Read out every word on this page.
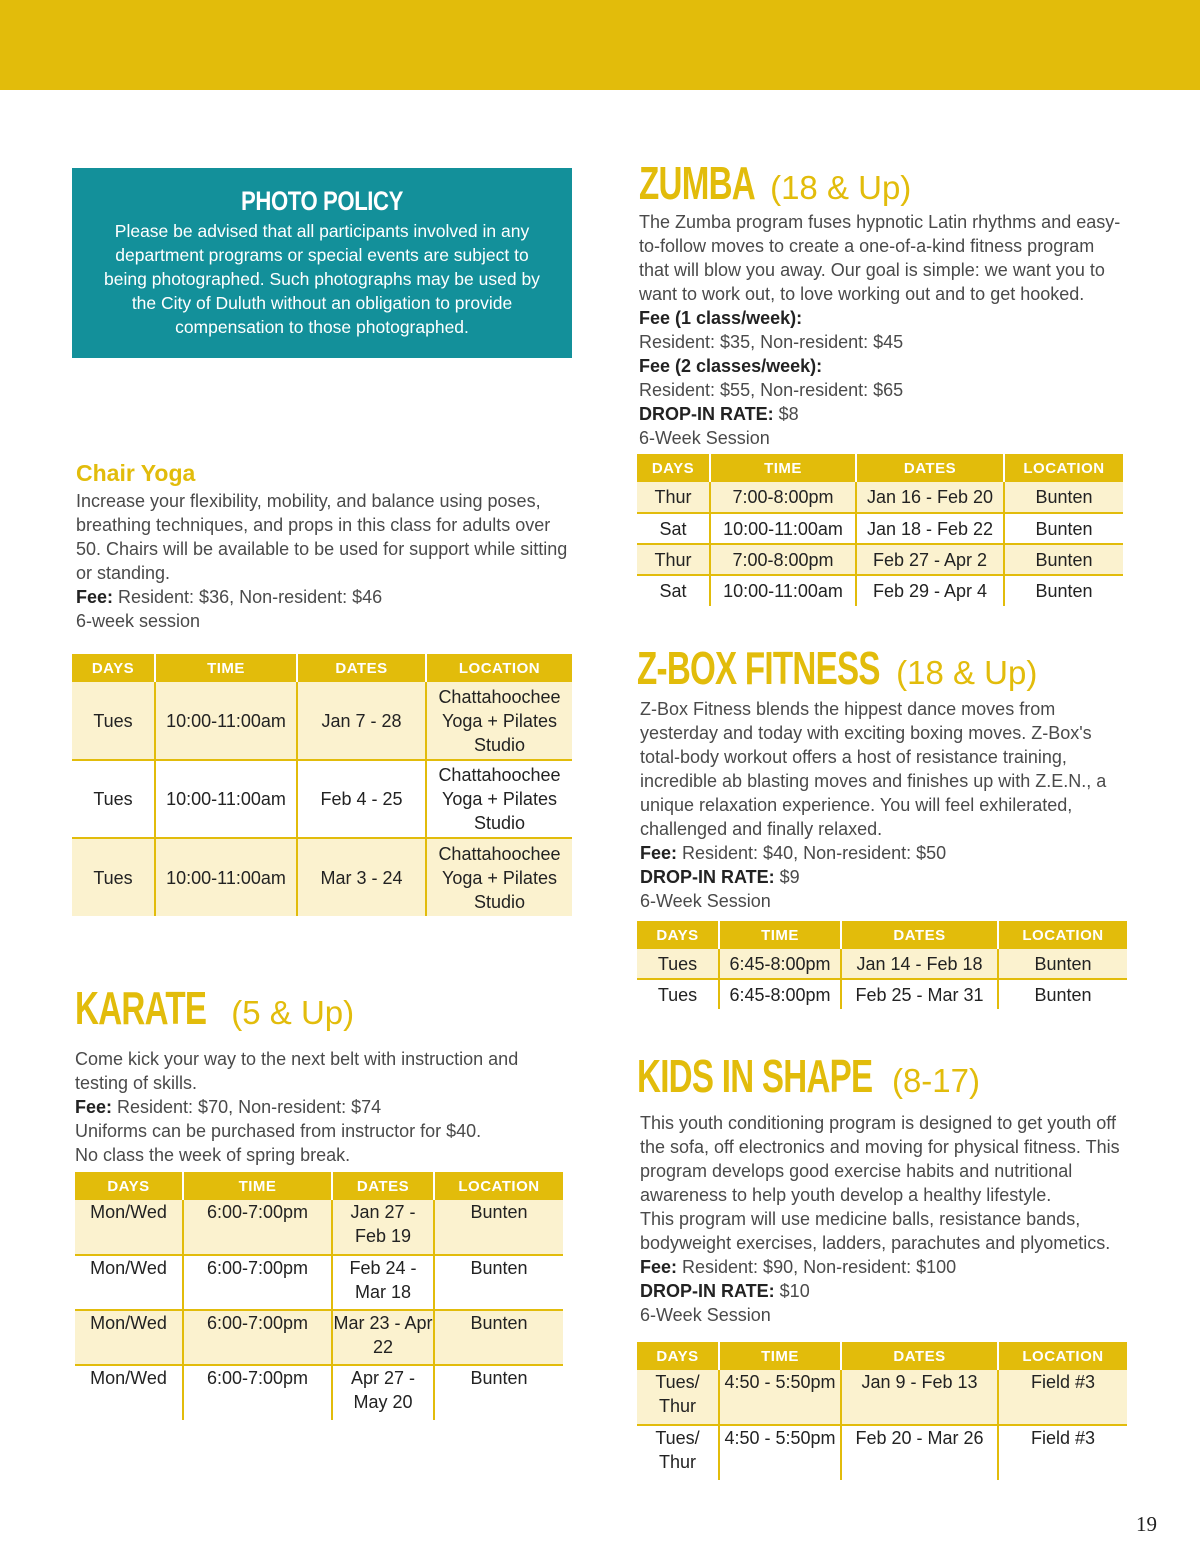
PHOTO POLICY

Please be advised that all participants involved in any department programs or special events are subject to being photographed. Such photographs may be used by the City of Duluth without an obligation to provide compensation to those photographed.

Chair Yoga
Increase your flexibility, mobility, and balance using poses, breathing techniques, and props in this class for adults over 50. Chairs will be available to be used for support while sitting or standing.
Fee: Resident: $36, Non-resident: $46
6-week session
DAYS	TIME	DATES	LOCATION
Tues	10:00-11:00am	Jan 7 - 28	Chattahoochee Yoga + Pilates Studio
Tues	10:00-11:00am	Feb 4 - 25	Chattahoochee Yoga + Pilates Studio
Tues	10:00-11:00am	Mar 3 - 24	Chattahoochee Yoga + Pilates Studio
KARATE (5 & Up)
Come kick your way to the next belt with instruction and testing of skills.
Fee: Resident: $70, Non-resident: $74
Uniforms can be purchased from instructor for $40.
No class the week of spring break.
DAYS	TIME	DATES	LOCATION
Mon/Wed	6:00-7:00pm	Jan 27 - Feb 19	Bunten
Mon/Wed	6:00-7:00pm	Feb 24 - Mar 18	Bunten
Mon/Wed	6:00-7:00pm	Mar 23 - Apr 22	Bunten
Mon/Wed	6:00-7:00pm	Apr 27 - May 20	Bunten
ZUMBA (18 & Up)
The Zumba program fuses hypnotic Latin rhythms and easy-to-follow moves to create a one-of-a-kind fitness program that will blow you away. Our goal is simple: we want you to want to work out, to love working out and to get hooked.
Fee (1 class/week):
Resident: $35, Non-resident: $45
Fee (2 classes/week):
Resident: $55, Non-resident: $65
DROP-IN RATE: $8
6-Week Session
DAYS	TIME	DATES	LOCATION
Thur	7:00-8:00pm	Jan 16 - Feb 20	Bunten
Sat	10:00-11:00am	Jan 18 - Feb 22	Bunten
Thur	7:00-8:00pm	Feb 27 - Apr 2	Bunten
Sat	10:00-11:00am	Feb 29 - Apr 4	Bunten
Z-BOX FITNESS (18 & Up)
Z-Box Fitness blends the hippest dance moves from yesterday and today with exciting boxing moves. Z-Box's total-body workout offers a host of resistance training, incredible ab blasting moves and finishes up with Z.E.N., a unique relaxation experience. You will feel exhilerated, challenged and finally relaxed.
Fee: Resident: $40, Non-resident: $50
DROP-IN RATE: $9
6-Week Session
DAYS	TIME	DATES	LOCATION
Tues	6:45-8:00pm	Jan 14 - Feb 18	Bunten
Tues	6:45-8:00pm	Feb 25 - Mar 31	Bunten
KIDS IN SHAPE (8-17)
This youth conditioning program is designed to get youth off the sofa, off electronics and moving for physical fitness. This program develops good exercise habits and nutritional awareness to help youth develop a healthy lifestyle.
This program will use medicine balls, resistance bands, bodyweight exercises, ladders, parachutes and plyometics.
Fee: Resident: $90, Non-resident: $100
DROP-IN RATE: $10
6-Week Session
DAYS	TIME	DATES	LOCATION
Tues/ Thur	4:50 - 5:50pm	Jan 9 - Feb 13	Field #3
Tues/ Thur	4:50 - 5:50pm	Feb 20 - Mar 26	Field #3
19
